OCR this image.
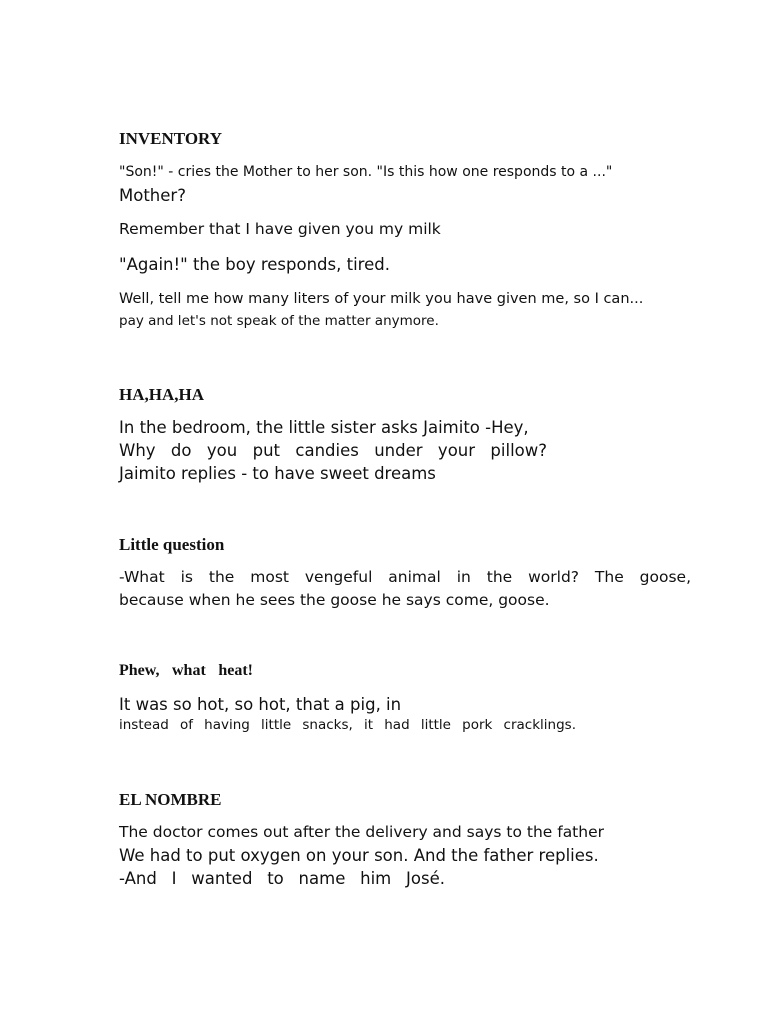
INVENTORY
"Son!" - cries the Mother to her son. "Is this how one responds to a ..."
Mother?
Remember that I have given you my milk
"Again!" the boy responds, tired.
Well, tell me how many liters of your milk you have given me, so I can...
pay and let's not speak of the matter anymore.
HA,HA,HA
In the bedroom, the little sister asks Jaimito -Hey,
Why do you put candies under your pillow?
Jaimito replies - to have sweet dreams
Little question
-What is the most vengeful animal in the world? The goose,
because when he sees the goose he says come, goose.
Phew, what heat!
It was so hot, so hot, that a pig, in
instead of having little snacks, it had little pork cracklings.
EL NOMBRE
The doctor comes out after the delivery and says to the father
We had to put oxygen on your son. And the father replies.
-And I wanted to name him José.
